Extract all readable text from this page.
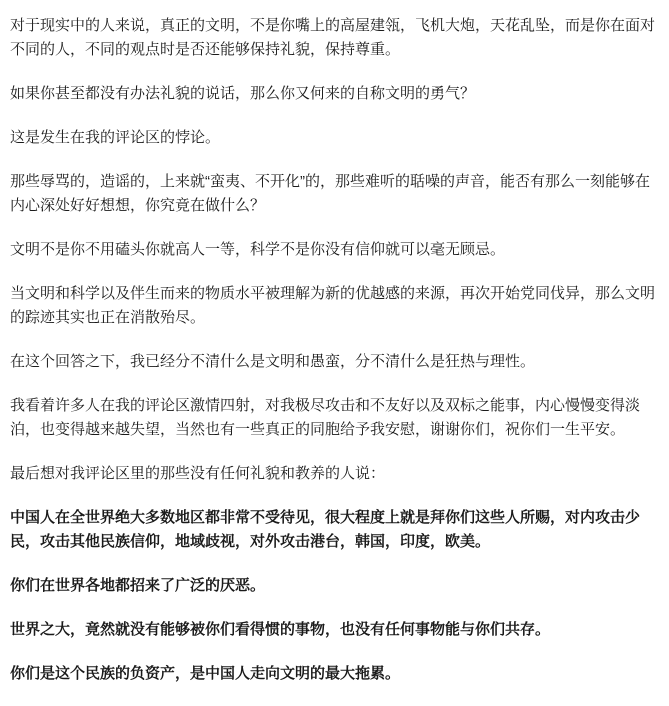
对于现实中的人来说，真正的文明，不是你嘴上的高屋建瓴，飞机大炮，天花乱坠，而是你在面对不同的人，不同的观点时是否还能够保持礼貌，保持尊重。

如果你甚至都没有办法礼貌的说话，那么你又何来的自称文明的勇气？

这是发生在我的评论区的悖论。

那些辱骂的，造谣的，上来就“蛮夷、不开化”的，那些难听的聒噪的声音，能否有那么一刻能够在内心深处好好想想，你究竟在做什么？

文明不是你不用磕头你就高人一等，科学不是你没有信仰就可以毫无顾忌。

当文明和科学以及伴生而来的物质水平被理解为新的优越感的来源，再次开始党同伐异，那么文明的踪迹其实也正在消散殆尽。

在这个回答之下，我已经分不清什么是文明和愚蛮，分不清什么是狂热与理性。

我看着许多人在我的评论区激情四射，对我极尽攻击和不友好以及双标之能事，内心慢慢变得淡泊，也变得越来越失望，当然也有一些真正的同胞给予我安慰，谢谢你们，祝你们一生平安。

最后想对我评论区里的那些没有任何礼貌和教养的人说：

中国人在全世界绝大多数地区都非常不受待见，很大程度上就是拜你们这些人所赐，对内攻击少民，攻击其他民族信仰，地域歧视，对外攻击港台，韩国，印度，欧美。

你们在世界各地都招来了广泛的厌恶。

世界之大，竟然就没有能够被你们看得惯的事物，也没有任何事物能与你们共存。

你们是这个民族的负资产，是中国人走向文明的最大拖累。
